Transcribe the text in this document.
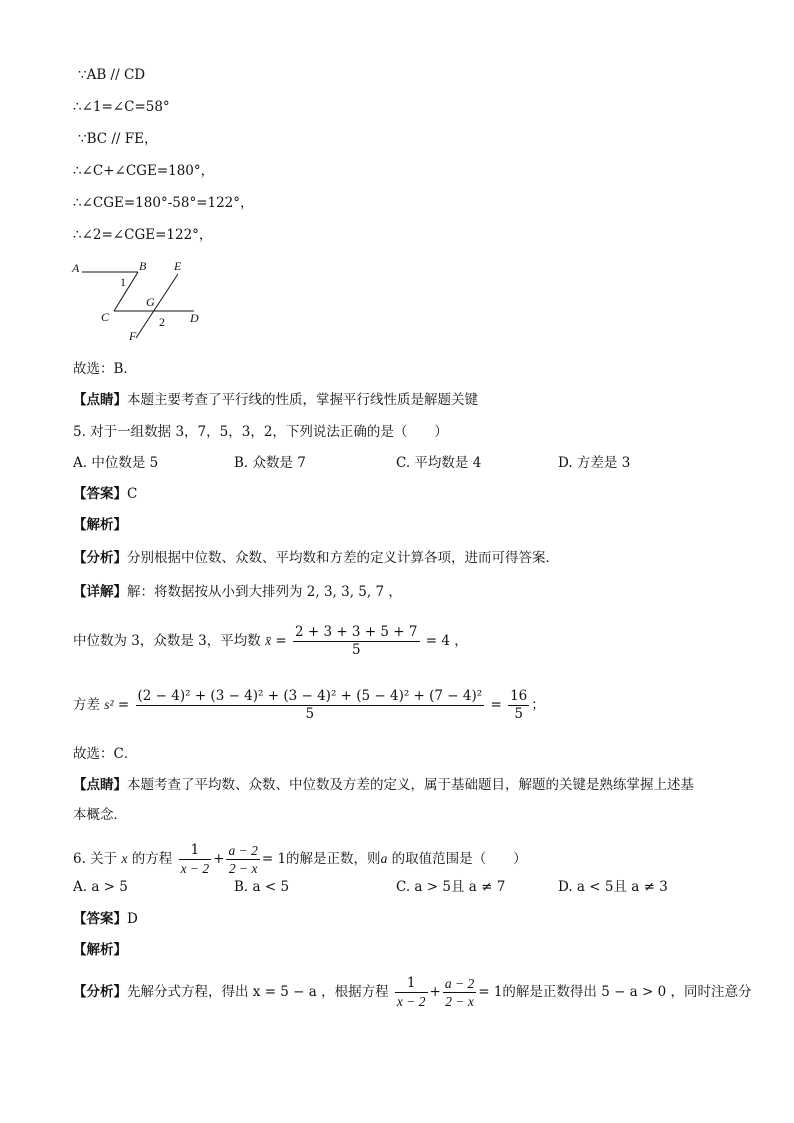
∵AB // CD
∴∠1=∠C=58°
∵BC // FE，
∴∠C+∠CGE=180°，
∴∠CGE=180°-58°=122°，
∴∠2=∠CGE=122°，
A	B E
G
C	D
F
1
2
故选：B．
【点睛】本题主要考查了平行线的性质，掌握平行线性质是解题关键
5. 对于一组数据 3，7，5，3，2，下列说法正确的是（　　）
A. 中位数是 5	B. 众数是 7	C. 平均数是 4	D. 方差是 3
【答案】C
【解析】
【分析】分别根据中位数、众数、平均数和方差的定义计算各项，进而可得答案．
【详解】解：将数据按从小到大排列为 2, 3, 3, 5, 7 ，
中位数为 3，众数是 3，平均数 x̄ = $\frac{2 + 3 + 3 + 5 + 7}{5} = 4$ ，
方差 $s^2 = \frac{\text{(2 − 4)² + (3 − 4)² + (3 − 4)² + (5 − 4)² + (7 − 4)²}}{5} = \frac{16}{5}$ ；
故选：C．
【点睛】本题考查了平均数、众数、中位数及方差的定义，属于基础题目，解题的关键是熟练掌握上述基
本概念．
6. 关于 x 的方程 $\frac{1}{x - 2} + \frac{a - 2}{2 - x} = 1$的解是正数，则a 的取值范围是（　　）
A. a > 5	B. a < 5	C. a > 5且 a ≠ 7	D. a < 5且 a ≠ 3
【答案】D
【解析】
【分析】先解分式方程，得出 x = 5 − a ，根据方程 $\frac{1}{x - 2} + \frac{a - 2}{2 - x} = 1$的解是正数得出 5 − a > 0 ，同时注意分
